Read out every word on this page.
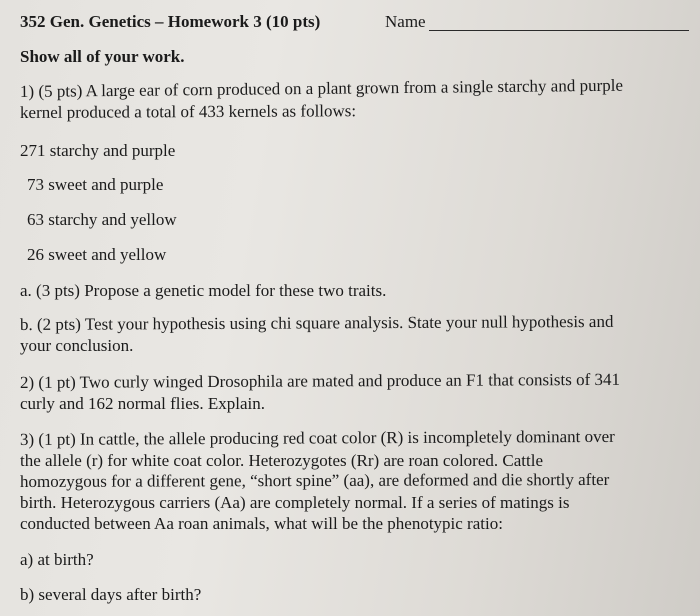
352 Gen. Genetics – Homework 3 (10 pts)	Name
Show all of your work.
1) (5 pts) A large ear of corn produced on a plant grown from a single starchy and purple
kernel produced a total of 433 kernels as follows:
271 starchy and purple
73 sweet and purple
63 starchy and yellow
26 sweet and yellow
a. (3 pts) Propose a genetic model for these two traits.
b. (2 pts) Test your hypothesis using chi square analysis. State your null hypothesis and
your conclusion.
2) (1 pt) Two curly winged Drosophila are mated and produce an F1 that consists of 341
curly and 162 normal flies. Explain.
3) (1 pt) In cattle, the allele producing red coat color (R) is incompletely dominant over
the allele (r) for white coat color. Heterozygotes (Rr) are roan colored. Cattle
homozygous for a different gene, “short spine” (aa), are deformed and die shortly after
birth. Heterozygous carriers (Aa) are completely normal. If a series of matings is
conducted between Aa roan animals, what will be the phenotypic ratio:
a) at birth?
b) several days after birth?
